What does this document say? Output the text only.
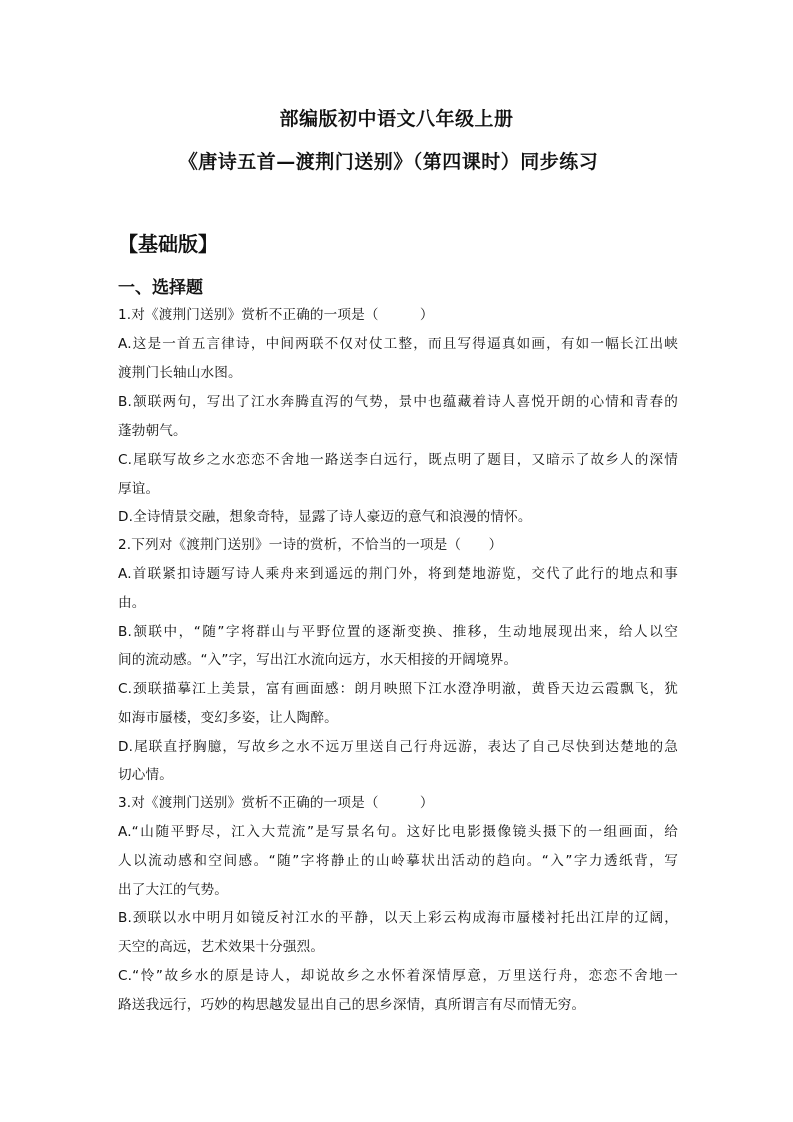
部编版初中语文八年级上册
《唐诗五首—渡荆门送别》（第四课时）同步练习
【基础版】
一、选择题
1.对《渡荆门送别》赏析不正确的一项是（　　　）
A.这是一首五言律诗，中间两联不仅对仗工整，而且写得逼真如画，有如一幅长江出峡
渡荆门长轴山水图。
B.颔联两句，写出了江水奔腾直泻的气势，景中也蕴藏着诗人喜悦开朗的心情和青春的
蓬勃朝气。
C.尾联写故乡之水恋恋不舍地一路送李白远行，既点明了题目，又暗示了故乡人的深情
厚谊。
D.全诗情景交融，想象奇特，显露了诗人豪迈的意气和浪漫的情怀。
2.下列对《渡荆门送别》一诗的赏析，不恰当的一项是（　　）
A.首联紧扣诗题写诗人乘舟来到遥远的荆门外，将到楚地游览，交代了此行的地点和事
由。
B.颔联中，“随”字将群山与平野位置的逐渐变换、推移，生动地展现出来，给人以空
间的流动感。“入”字，写出江水流向远方，水天相接的开阔境界。
C.颈联描摹江上美景，富有画面感：朗月映照下江水澄净明澈，黄昏天边云霞飘飞，犹
如海市蜃楼，变幻多姿，让人陶醉。
D.尾联直抒胸臆，写故乡之水不远万里送自己行舟远游，表达了自己尽快到达楚地的急
切心情。
3.对《渡荆门送别》赏析不正确的一项是（　　　）
A.“山随平野尽，江入大荒流”是写景名句。这好比电影摄像镜头摄下的一组画面，给
人以流动感和空间感。“随”字将静止的山岭摹状出活动的趋向。“入”字力透纸背，写
出了大江的气势。
B.颈联以水中明月如镜反衬江水的平静，以天上彩云构成海市蜃楼衬托出江岸的辽阔，
天空的高远，艺术效果十分强烈。
C.“怜”故乡水的原是诗人，却说故乡之水怀着深情厚意，万里送行舟，恋恋不舍地一
路送我远行，巧妙的构思越发显出自己的思乡深情，真所谓言有尽而情无穷。
